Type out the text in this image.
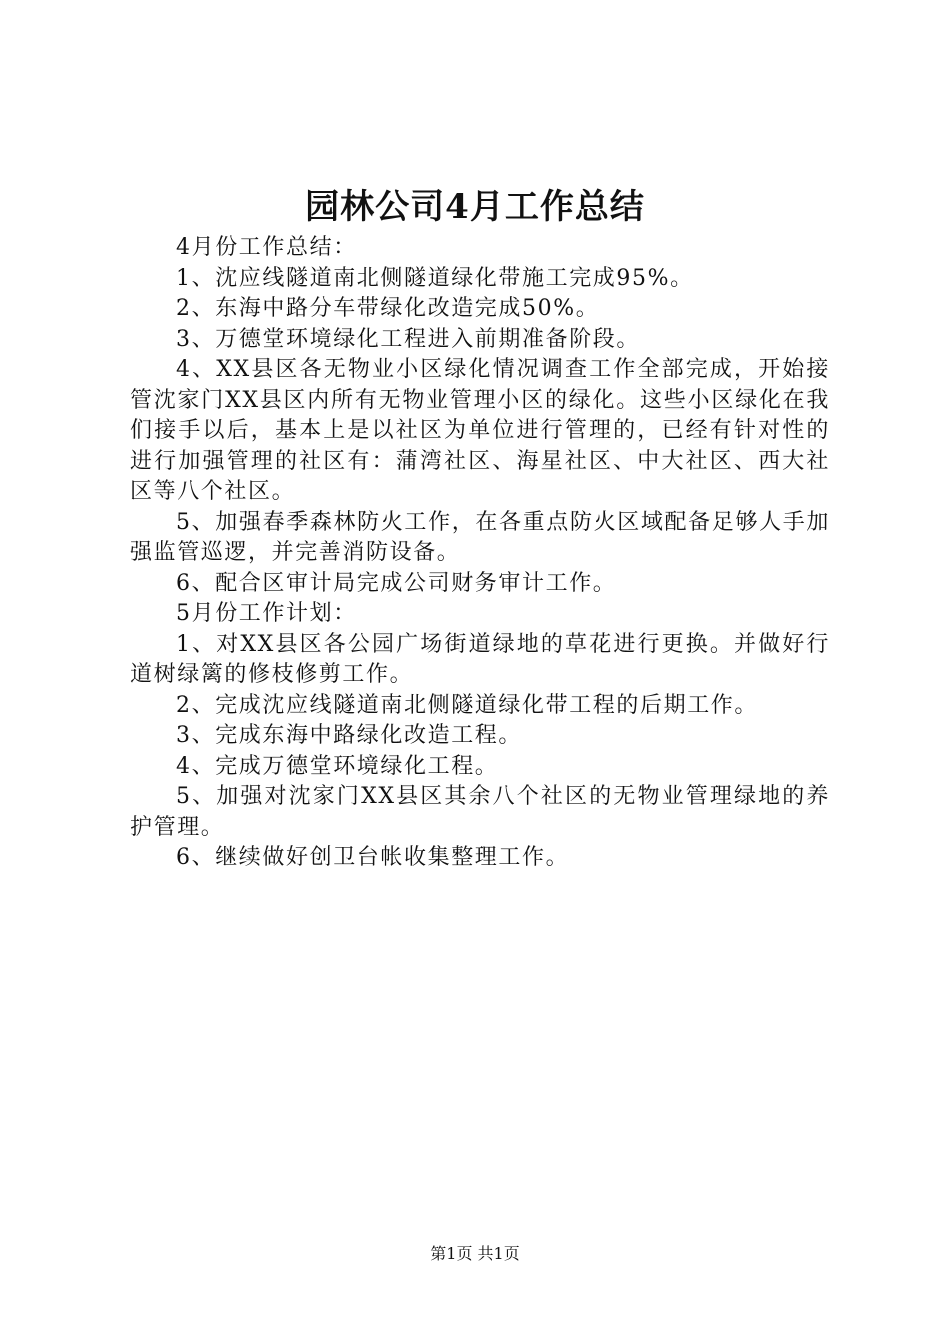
园林公司4月工作总结

4月份工作总结：

1、沈应线隧道南北侧隧道绿化带施工完成95%。

2、东海中路分车带绿化改造完成50%。

3、万德堂环境绿化工程进入前期准备阶段。

4、XX县区各无物业小区绿化情况调查工作全部完成，开始接管沈家门XX县区内所有无物业管理小区的绿化。这些小区绿化在我们接手以后，基本上是以社区为单位进行管理的，已经有针对性的进行加强管理的社区有：蒲湾社区、海星社区、中大社区、西大社区等八个社区。

5、加强春季森林防火工作，在各重点防火区域配备足够人手加强监管巡逻，并完善消防设备。

6、配合区审计局完成公司财务审计工作。

5月份工作计划：

1、对XX县区各公园广场街道绿地的草花进行更换。并做好行道树绿篱的修枝修剪工作。

2、完成沈应线隧道南北侧隧道绿化带工程的后期工作。

3、完成东海中路绿化改造工程。

4、完成万德堂环境绿化工程。

5、加强对沈家门XX县区其余八个社区的无物业管理绿地的养护管理。

6、继续做好创卫台帐收集整理工作。

第1页 共1页
